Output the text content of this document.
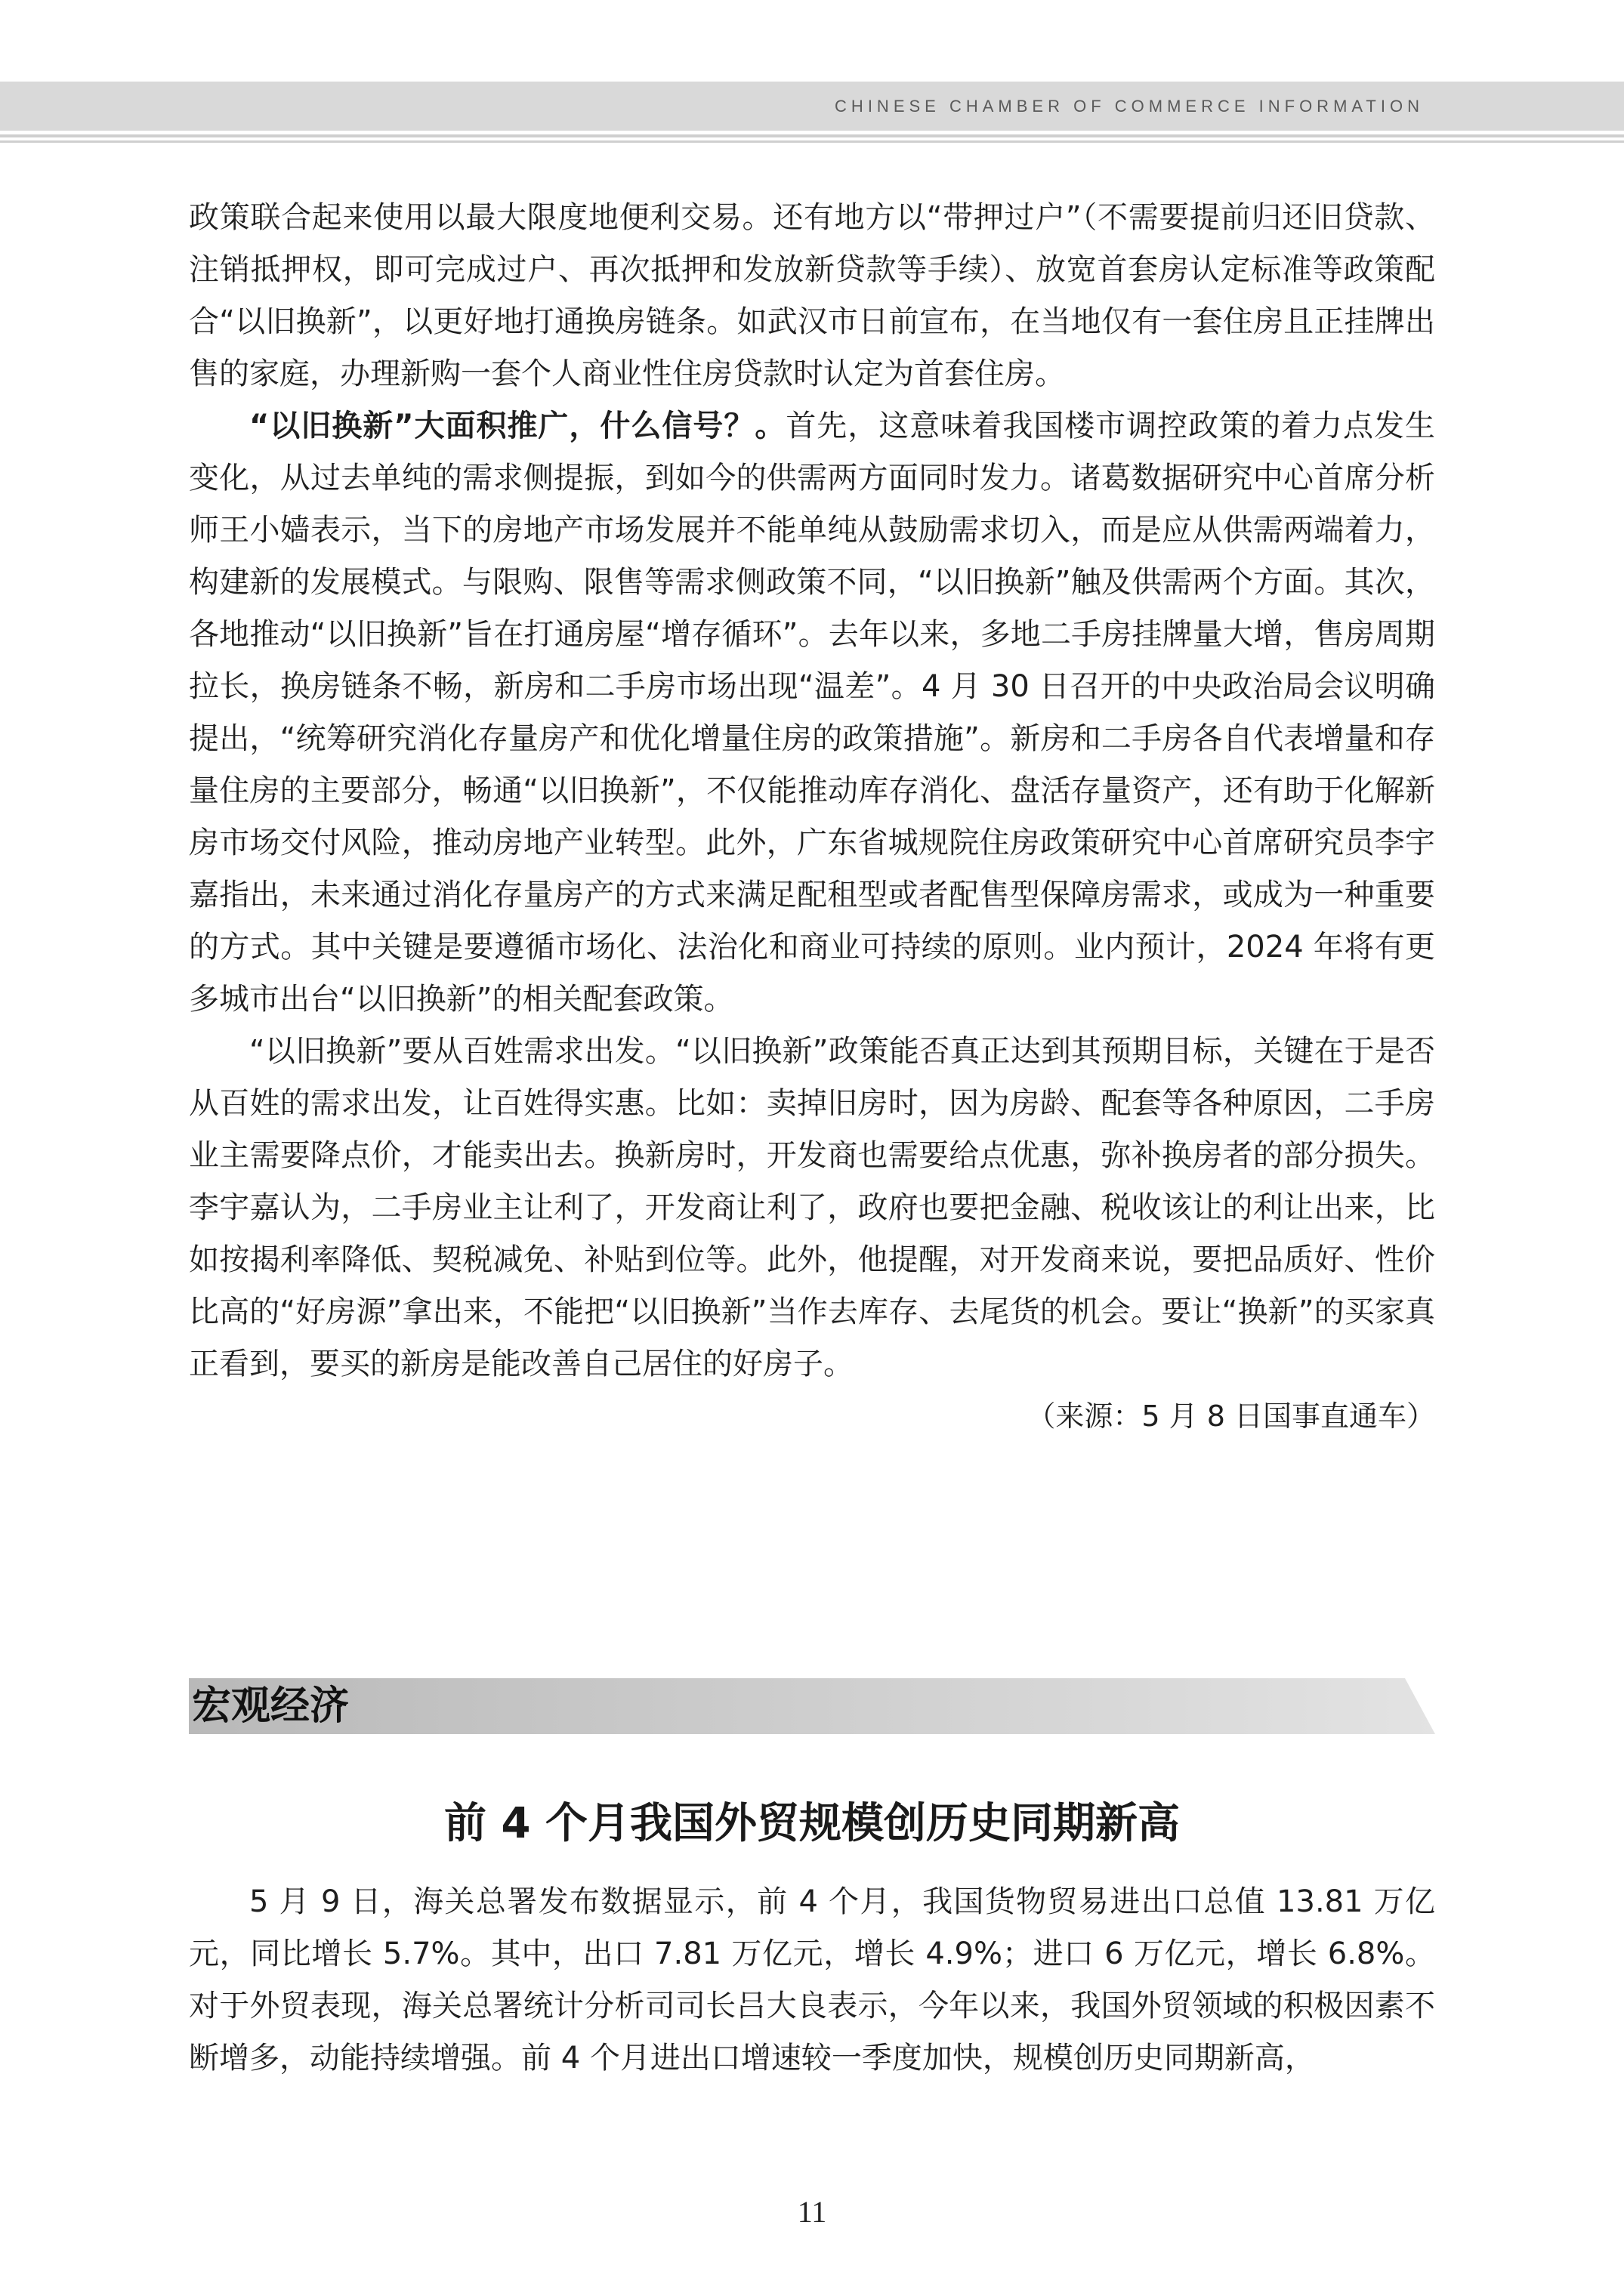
CHINESE CHAMBER OF COMMERCE INFORMATION

政策联合起来使用以最大限度地便利交易。还有地方以“带押过户”（不需要提前归还旧贷款、注销抵押权，即可完成过户、再次抵押和发放新贷款等手续）、放宽首套房认定标准等政策配合“以旧换新”，以更好地打通换房链条。如武汉市日前宣布，在当地仅有一套住房且正挂牌出售的家庭，办理新购一套个人商业性住房贷款时认定为首套住房。

“以旧换新”大面积推广，什么信号？。首先，这意味着我国楼市调控政策的着力点发生变化，从过去单纯的需求侧提振，到如今的供需两方面同时发力。诸葛数据研究中心首席分析师王小嫱表示，当下的房地产市场发展并不能单纯从鼓励需求切入，而是应从供需两端着力，构建新的发展模式。与限购、限售等需求侧政策不同，“以旧换新”触及供需两个方面。其次，各地推动“以旧换新”旨在打通房屋“增存循环”。去年以来，多地二手房挂牌量大增，售房周期拉长，换房链条不畅，新房和二手房市场出现“温差”。4 月 30 日召开的中央政治局会议明确提出，“统筹研究消化存量房产和优化增量住房的政策措施”。新房和二手房各自代表增量和存量住房的主要部分，畅通“以旧换新”，不仅能推动库存消化、盘活存量资产，还有助于化解新房市场交付风险，推动房地产业转型。此外，广东省城规院住房政策研究中心首席研究员李宇嘉指出，未来通过消化存量房产的方式来满足配租型或者配售型保障房需求，或成为一种重要的方式。其中关键是要遵循市场化、法治化和商业可持续的原则。业内预计，2024 年将有更多城市出台“以旧换新”的相关配套政策。

“以旧换新”要从百姓需求出发。“以旧换新”政策能否真正达到其预期目标，关键在于是否从百姓的需求出发，让百姓得实惠。比如：卖掉旧房时，因为房龄、配套等各种原因，二手房业主需要降点价，才能卖出去。换新房时，开发商也需要给点优惠，弥补换房者的部分损失。李宇嘉认为，二手房业主让利了，开发商让利了，政府也要把金融、税收该让的利让出来，比如按揭利率降低、契税减免、补贴到位等。此外，他提醒，对开发商来说，要把品质好、性价比高的“好房源”拿出来，不能把“以旧换新”当作去库存、去尾货的机会。要让“换新”的买家真正看到，要买的新房是能改善自己居住的好房子。

（来源：5 月 8 日国事直通车）

宏观经济
前 4 个月我国外贸规模创历史同期新高

5 月 9 日，海关总署发布数据显示，前 4 个月，我国货物贸易进出口总值 13.81 万亿元，同比增长 5.7%。其中，出口 7.81 万亿元，增长 4.9%；进口 6 万亿元，增长 6.8%。对于外贸表现，海关总署统计分析司司长吕大良表示，今年以来，我国外贸领域的积极因素不断增多，动能持续增强。前 4 个月进出口增速较一季度加快，规模创历史同期新高，

11
